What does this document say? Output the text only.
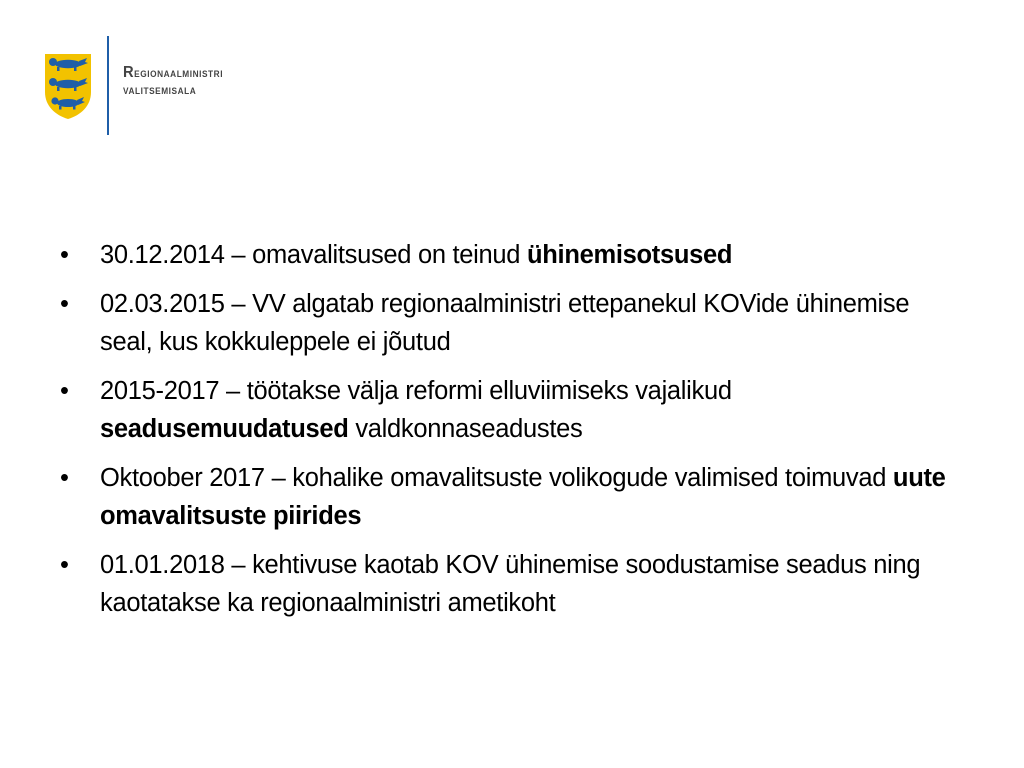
Regionaalministri
valitsemisala
• 30.12.2014 – omavalitsused on teinud ühinemisotsused
• 02.03.2015 – VV algatab regionaalministri ettepanekul KOVide ühinemise seal, kus kokkuleppele ei jõutud
• 2015-2017 – töötakse välja reformi elluviimiseks vajalikud seadusemuudatused valdkonnaseadustes
• Oktoober 2017 – kohalike omavalitsuste volikogude valimised toimuvad uute omavalitsuste piirides
• 01.01.2018 – kehtivuse kaotab KOV ühinemise soodustamise seadus ning kaotatakse ka regionaalministri ametikoht
